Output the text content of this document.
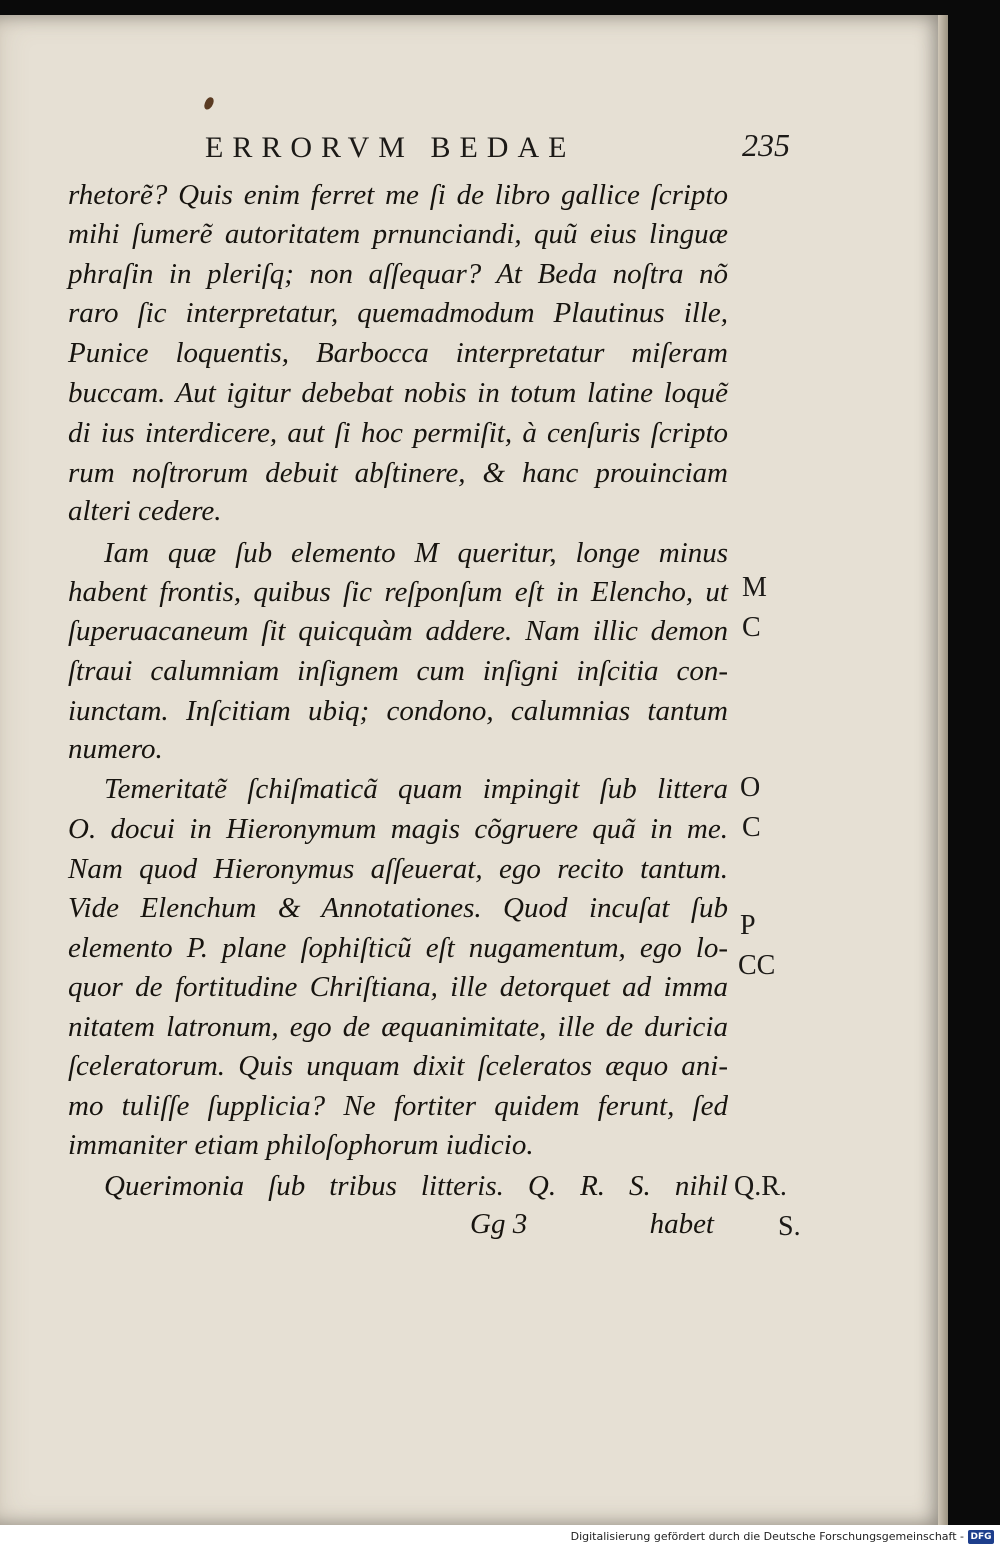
ERRORVM BEDAE	235
rhetorẽ? Quis enim ferret me ſi de libro gallice ſcripto
mihi ſumerẽ autoritatem prnunciandi, quũ eius linguæ
phraſin in pleriſq; non aſſequar? At Beda noſtra nõ
raro ſic interpretatur, quemadmodum Plautinus ille,
Punice loquentis, Barbocca interpretatur miſeram
buccam. Aut igitur debebat nobis in totum latine loquẽ
di ius interdicere, aut ſi hoc permiſit, à cenſuris ſcripto
rum noſtrorum debuit abſtinere, & hanc prouinciam
alteri cedere.
Iam quæ ſub elemento M queritur, longe minus
habent frontis, quibus ſic reſponſum eſt in Elencho, ut
ſuperuacaneum ſit quicquàm addere. Nam illic demon
ſtraui calumniam inſignem cum inſigni inſcitia con-
iunctam. Inſcitiam ubiq; condono, calumnias tantum
numero.
Temeritatẽ ſchiſmaticã quam impingit ſub littera
O. docui in Hieronymum magis cõgruere quã in me.
Nam quod Hieronymus aſſeuerat, ego recito tantum.
Vide Elenchum & Annotationes. Quod incuſat ſub
elemento P. plane ſophiſticũ eſt nugamentum, ego lo-
quor de fortitudine Chriſtiana, ille detorquet ad imma
nitatem latronum, ego de æquanimitate, ille de duricia
ſceleratorum. Quis unquam dixit ſceleratos æquo ani-
mo tuliſſe ſupplicia? Ne fortiter quidem ferunt, ſed
immaniter etiam philoſophorum iudicio.
Querimonia ſub tribus litteris. Q. R. S. nihil
Gg 3	habet
M
C
O
C
P
CC
Q.R.
S.
Digitalisierung gefördert durch die Deutsche Forschungsgemeinschaft - DFG
